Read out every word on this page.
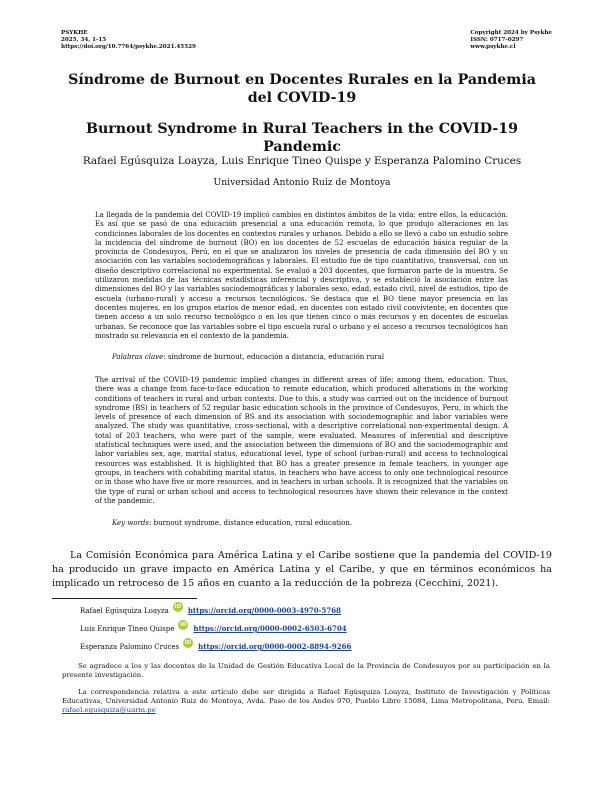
PSYKHE
2025, 34, 1-15
https://doi.org/10.7764/psykhe.2021.45529
Copyright 2024 by Psykhe
ISSN: 0717-0297
www.psykhe.cl
Síndrome de Burnout en Docentes Rurales en la Pandemia del COVID-19
Burnout Syndrome in Rural Teachers in the COVID-19 Pandemic
Rafael Egúsquiza Loayza, Luis Enrique Tineo Quispe y Esperanza Palomino Cruces
Universidad Antonio Ruiz de Montoya
La llegada de la pandemia del COVID-19 implicó cambios en distintos ámbitos de la vida; entre ellos, la educación. Es así que se pasó de una educación presencial a una educación remota, lo que produjo alteraciones en las condiciones laborales de los docentes en contextos rurales y urbanos. Debido a ello se llevó a cabo un estudio sobre la incidencia del síndrome de burnout (BO) en los docentes de 52 escuelas de educación básica regular de la provincia de Condesuyos, Perú, en el que se analizaron los niveles de presencia de cada dimensión del BO y su asociación con las variables sociodemográficas y laborales. El estudio fue de tipo cuantitativo, transversal, con un diseño descriptivo correlacional no experimental. Se evaluó a 203 docentes, que formaron parte de la muestra. Se utilizaron medidas de las técnicas estadísticas inferencial y descriptiva, y se estableció la asociación entre las dimensiones del BO y las variables sociodemográficas y laborales sexo, edad, estado civil, nivel de estudios, tipo de escuela (urbano-rural) y acceso a recursos tecnológicos. Se destaca que el BO tiene mayor presencia en las docentes mujeres, en los grupos etarios de menor edad, en docentes con estado civil conviviente, en docentes que tienen acceso a un solo recurso tecnológico o en los que tienen cinco o más recursos y en docentes de escuelas urbanas. Se reconoce que las variables sobre el tipo escuela rural o urbano y el acceso a recursos tecnológicos han mostrado su relevancia en el contexto de la pandemia.
Palabras clave: síndrome de burnout, educación a distancia, educación rural
The arrival of the COVID-19 pandemic implied changes in different areas of life; among them, education. Thus, there was a change from face-to-face education to remote education, which produced alterations in the working conditions of teachers in rural and urban contexts. Due to this, a study was carried out on the incidence of burnout syndrome (BS) in teachers of 52 regular basic education schools in the province of Condesuyos, Peru, in which the levels of presence of each dimension of BS and its association with sociodemographic and labor variables were analyzed. The study was quantitative, cross-sectional, with a descriptive correlational non-experimental design. A total of 203 teachers, who were part of the sample, were evaluated. Measures of inferential and descriptive statistical techniques were used, and the association between the dimensions of BO and the sociodemographic and labor variables sex, age, marital status, educational level, type of school (urban-rural) and access to technological resources was established. It is highlighted that BO has a greater presence in female teachers, in younger age groups, in teachers with cohabiting marital status, in teachers who have access to only one technological resource or in those who have five or more resources, and in teachers in urban schools. It is recognized that the variables on the type of rural or urban school and access to technological resources have shown their relevance in the context of the pandemic.
Key words: burnout syndrome, distance education, rural education.
La Comisión Económica para América Latina y el Caribe sostiene que la pandemia del COVID-19 ha producido un grave impacto en América Latina y el Caribe, y que en términos económicos ha implicado un retroceso de 15 años en cuanto a la reducción de la pobreza (Cecchini, 2021).
Rafael Egúsquiza Loayza	iD https://orcid.org/0000-0003-4970-5768
Luis Enrique Tineo Quispe	iD https://orcid.org/0000-0002-6503-6704
Esperanza Palomino Cruces	iD https://orcid.org/0000-0002-8894-9266
Se agradece a los y las docentes de la Unidad de Gestión Educativa Local de la Provincia de Condesuyos por su participación en la presente investigación.
La correspondencia relativa a este artículo debe ser dirigida a Rafael Egúsquiza Loayza, Instituto de Investigación y Políticas Educativas, Universidad Antonio Ruiz de Montoya, Avda. Paso de los Andes 970, Pueblo Libre 15084, Lima Metropolitana, Perú. Email: rafael.egusquiza@uarm.pe
